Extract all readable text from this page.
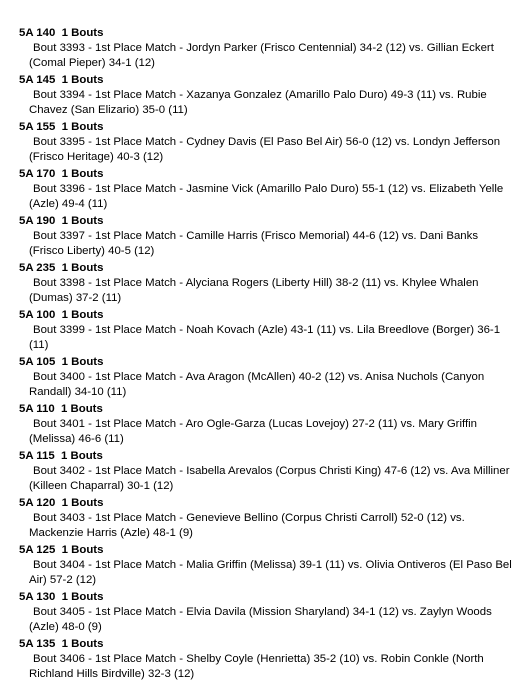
5A 140  1 Bouts
Bout 3393 - 1st Place Match - Jordyn Parker (Frisco Centennial) 34-2 (12) vs. Gillian Eckert (Comal Pieper) 34-1 (12)
5A 145  1 Bouts
Bout 3394 - 1st Place Match - Xazanya Gonzalez (Amarillo Palo Duro) 49-3 (11) vs. Rubie Chavez (San Elizario) 35-0 (11)
5A 155  1 Bouts
Bout 3395 - 1st Place Match - Cydney Davis (El Paso Bel Air) 56-0 (12) vs. Londyn Jefferson (Frisco Heritage) 40-3 (12)
5A 170  1 Bouts
Bout 3396 - 1st Place Match - Jasmine Vick (Amarillo Palo Duro) 55-1 (12) vs. Elizabeth Yelle (Azle) 49-4 (11)
5A 190  1 Bouts
Bout 3397 - 1st Place Match - Camille Harris (Frisco Memorial) 44-6 (12) vs. Dani Banks (Frisco Liberty) 40-5 (12)
5A 235  1 Bouts
Bout 3398 - 1st Place Match - Alyciana Rogers (Liberty Hill) 38-2 (11) vs. Khylee Whalen (Dumas) 37-2 (11)
5A 100  1 Bouts
Bout 3399 - 1st Place Match - Noah Kovach (Azle) 43-1 (11) vs. Lila Breedlove (Borger) 36-1 (11)
5A 105  1 Bouts
Bout 3400 - 1st Place Match - Ava Aragon (McAllen) 40-2 (12) vs. Anisa Nuchols (Canyon Randall) 34-10 (11)
5A 110  1 Bouts
Bout 3401 - 1st Place Match - Aro Ogle-Garza (Lucas Lovejoy) 27-2 (11) vs. Mary Griffin (Melissa) 46-6 (11)
5A 115  1 Bouts
Bout 3402 - 1st Place Match - Isabella Arevalos (Corpus Christi King) 47-6 (12) vs. Ava Milliner (Killeen Chaparral) 30-1 (12)
5A 120  1 Bouts
Bout 3403 - 1st Place Match - Genevieve Bellino (Corpus Christi Carroll) 52-0 (12) vs. Mackenzie Harris (Azle) 48-1 (9)
5A 125  1 Bouts
Bout 3404 - 1st Place Match - Malia Griffin (Melissa) 39-1 (11) vs. Olivia Ontiveros (El Paso Bel Air) 57-2 (12)
5A 130  1 Bouts
Bout 3405 - 1st Place Match - Elvia Davila (Mission Sharyland) 34-1 (12) vs. Zaylyn Woods (Azle) 48-0 (9)
5A 135  1 Bouts
Bout 3406 - 1st Place Match - Shelby Coyle (Henrietta) 35-2 (10) vs. Robin Conkle (North Richland Hills Birdville) 32-3 (12)
